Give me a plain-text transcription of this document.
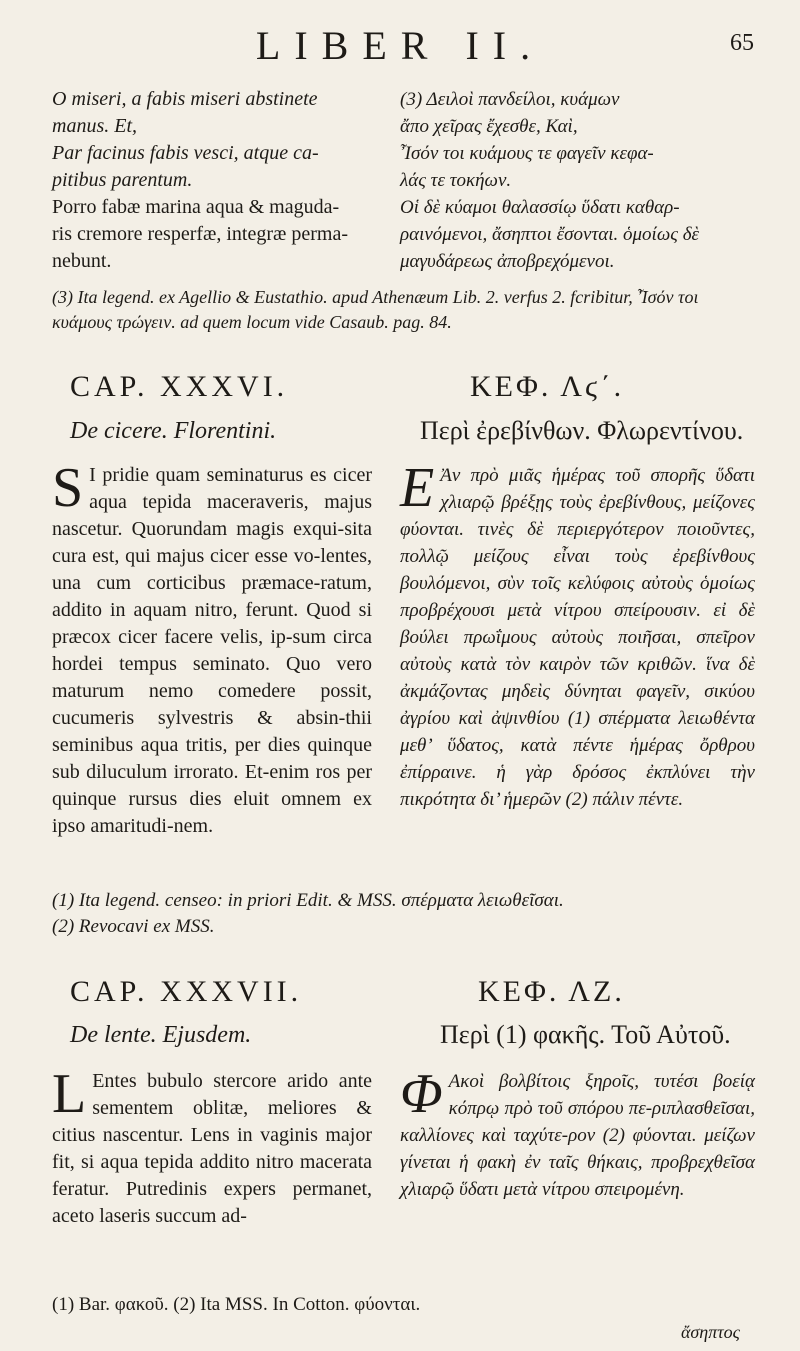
LIBER II.	65

O miseri, a fabis miseri abstinete

manus. Et,

Par facinus fabis vesci, atque ca-

pitibus parentum.

Porro fabæ marina aqua & maguda-

ris cremore resperfæ, integræ perma-

nebunt.

(3) Δειλοὶ πανδείλοι, κυάμων

ἄπο χεῖρας ἔχεσθε, Καὶ,

Ἶσόν τοι κυάμους τε φαγεῖν κεφα-

λάς τε τοκήων.

Οἱ δὲ κύαμοι θαλασσίῳ ὕδατι καθαρ-

ραινόμενοι, ἄσηπτοι ἔσονται. ὁμοίως δὲ

μαγυδάρεως ἀποβρεχόμενοι.

(3) Ita legend. ex Agellio & Eustathio. apud Athenæum Lib. 2. verfus 2. fcribitur, Ἶσόν τοι κυάμους τρώγειν. ad quem locum vide Casaub. pag. 84.
CAP. XXXVI.
De cicere. Florentini.
ΚΕΦ. Λϛ΄.
Περὶ ἐρεβίνθων. Φλωρεντίνου.

S I pridie quam seminaturus es cicer aqua tepida maceraveris, majus nascetur. Quorundam magis exqui-sita cura est, qui majus cicer esse vo-lentes, una cum corticibus præmace-ratum, addito in aquam nitro, ferunt. Quod si præcox cicer facere velis, ip-sum circa hordei tempus seminato. Quo vero maturum nemo comedere possit, cucumeris sylvestris & absin-thii seminibus aqua tritis, per dies quinque sub diluculum irrorato. Et-enim ros per quinque rursus dies eluit omnem ex ipso amaritudi-nem.

Ε Ἀν πρὸ μιᾶς ἡμέρας τοῦ σπορῆς ὕδατι χλιαρῷ βρέξῃς τοὺς ἐρεβίνθους, μείζονες φύονται. τινὲς δὲ περιεργότερον ποιοῦντες, πολλῷ μείζους εἶναι τοὺς ἐρεβίνθους βουλόμενοι, σὺν τοῖς κελύφοις αὐτοὺς ὁμοίως προβρέχουσι μετὰ νίτρου σπείρουσιν. εἰ δὲ βούλει πρωΐμους αὐτοὺς ποιῆσαι, σπεῖρον αὐτοὺς κατὰ τὸν καιρὸν τῶν κριθῶν. ἵνα δὲ ἀκμάζοντας μηδεὶς δύνηται φαγεῖν, σικύου ἀγρίου καὶ ἀψινθίου (1) σπέρματα λειωθέντα μεθ’ ὕδατος, κατὰ πέντε ἡμέρας ὄρθρου ἐπίρραινε. ἡ γὰρ δρόσος ἐκπλύνει τὴν πικρότητα δι’ ἡμερῶν (2) πάλιν πέντε.

(1) Ita legend. censeo: in priori Edit. & MSS. σπέρματα λειωθεῖσαι.
(2) Revocavi ex MSS.
CAP. XXXVII.
De lente. Ejusdem.
ΚΕΦ. ΛΖ.
Περὶ (1) φακῆς. Τοῦ Αὐτοῦ.

L Entes bubulo stercore arido ante sementem oblitæ, meliores & citius nascentur. Lens in vaginis major fit, si aqua tepida addito nitro macerata feratur. Putredinis expers permanet, aceto laseris succum ad-

Φ Ακοὶ βολβίτοις ξηροῖς, τυτέσι βοείᾳ κόπρῳ πρὸ τοῦ σπόρου πε-ριπλασθεῖσαι, καλλίονες καὶ ταχύτε-ρον (2) φύονται. μείζων γίνεται ἡ φακὴ ἐν ταῖς θήκαις, προβρεχθεῖσα χλιαρῷ ὕδατι μετὰ νίτρου σπειρομένη.

(1) Bar. φακοῦ. (2) Ita MSS. In Cotton. φύονται.
ἄσηπτος
